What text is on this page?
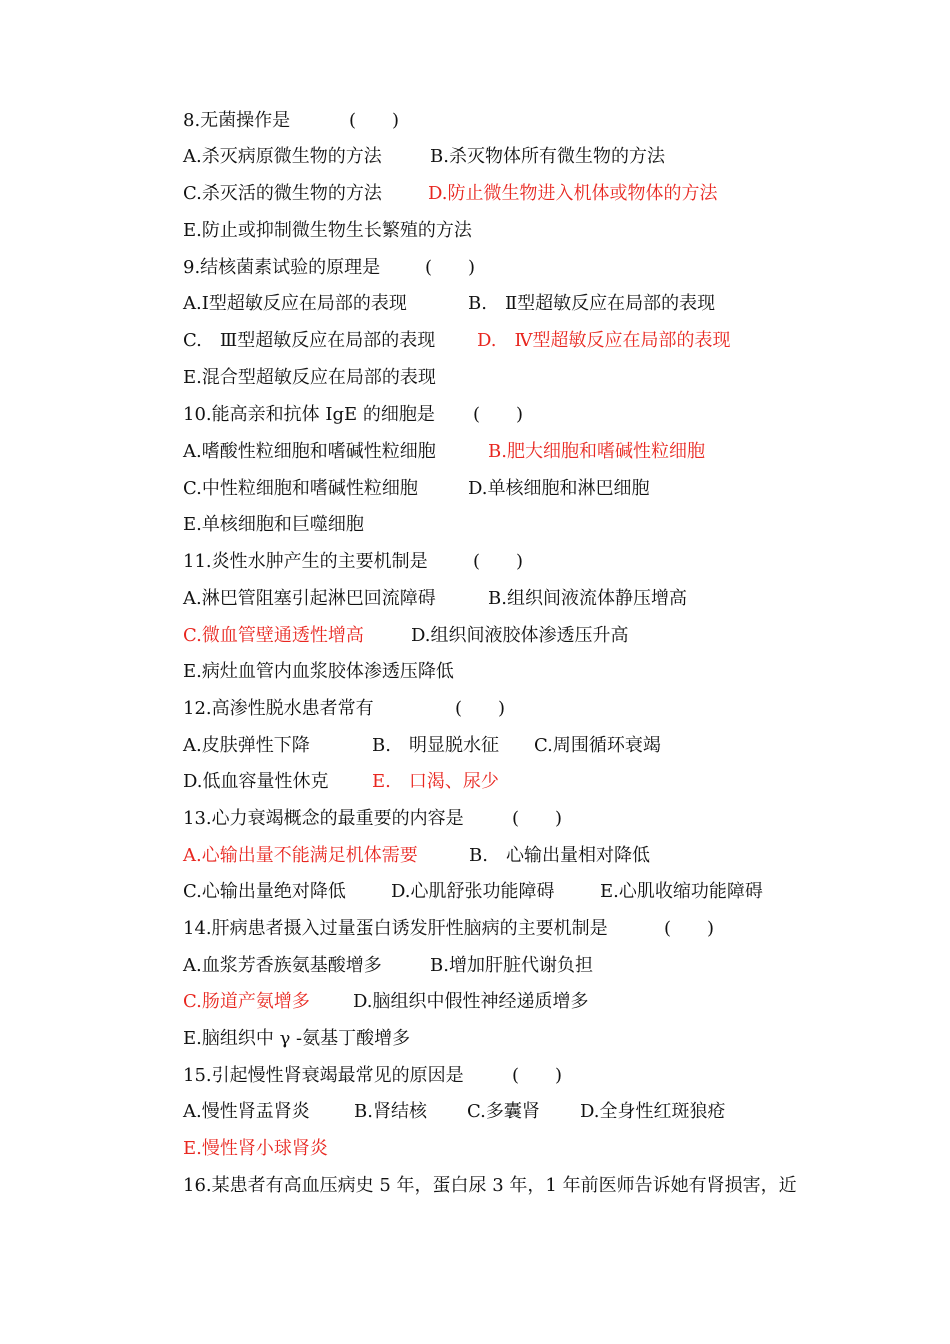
8.无菌操作是	(　　)
A.杀灭病原微生物的方法	B.杀灭物体所有微生物的方法
C.杀灭活的微生物的方法	D.防止微生物进入机体或物体的方法
E.防止或抑制微生物生长繁殖的方法
9.结核菌素试验的原理是 (　　)
A.Ⅰ型超敏反应在局部的表现	B.　Ⅱ型超敏反应在局部的表现
C.　Ⅲ型超敏反应在局部的表现 D.　Ⅳ型超敏反应在局部的表现
E.混合型超敏反应在局部的表现
10.能高亲和抗体 IgE 的细胞是 (　　)
A.嗜酸性粒细胞和嗜碱性粒细胞	B.肥大细胞和嗜碱性粒细胞
C.中性粒细胞和嗜碱性粒细胞	D.单核细胞和淋巴细胞
E.单核细胞和巨噬细胞
11.炎性水肿产生的主要机制是	(　　)
A.淋巴管阻塞引起淋巴回流障碍	B.组织间液流体静压增高
C.微血管壁通透性增高	D.组织间液胶体渗透压升高
E.病灶血管内血浆胶体渗透压降低
12.高渗性脱水患者常有	(　　)
A.皮肤弹性下降	B.　明显脱水征 C.周围循环衰竭
D.低血容量性休克 E.　口渴、尿少
13.心力衰竭概念的最重要的内容是	(　　)
A.心输出量不能满足机体需要	B.　心输出量相对降低
C.心输出量绝对降低	D.心肌舒张功能障碍	E.心肌收缩功能障碍
14.肝病患者摄入过量蛋白诱发肝性脑病的主要机制是	(　　)
A.血浆芳香族氨基酸增多	B.增加肝脏代谢负担
C.肠道产氨增多 D.脑组织中假性神经递质增多
E.脑组织中 γ -氨基丁酸增多
15.引起慢性肾衰竭最常见的原因是	(　　)
A.慢性肾盂肾炎 B.肾结核 C.多囊肾 D.全身性红斑狼疮
E.慢性肾小球肾炎
16.某患者有高血压病史 5 年，蛋白尿 3 年，1 年前医师告诉她有肾损害，近
